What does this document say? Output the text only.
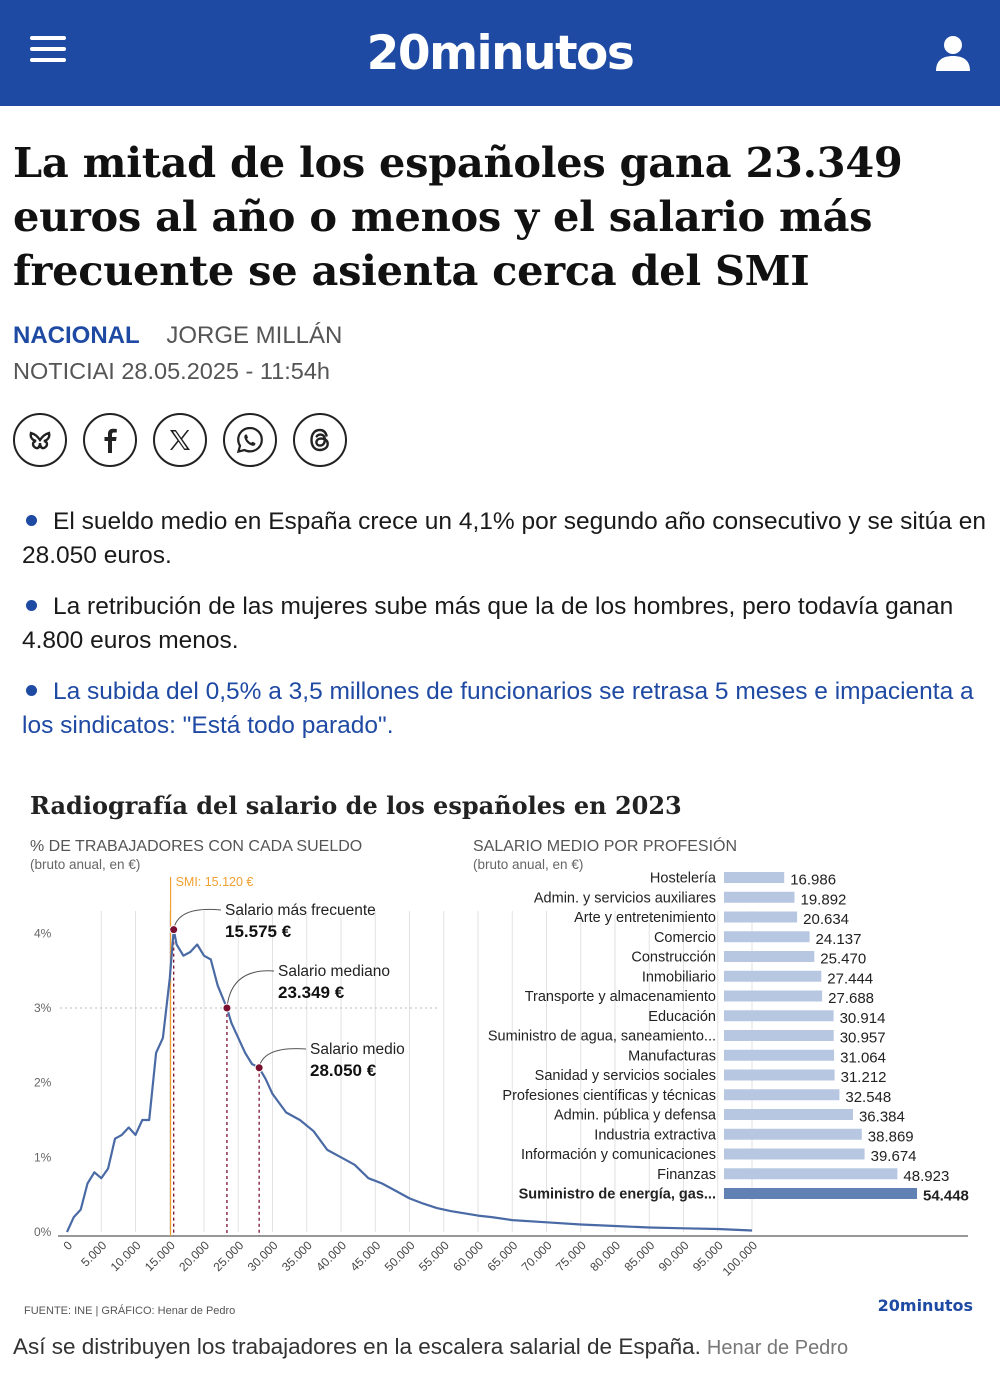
20minutos
La mitad de los españoles gana 23.349 euros al año o menos y el salario más frecuente se asienta cerca del SMI
NACIONAL JORGE MILLÁN
NOTICIAI 28.05.2025 - 11:54h
El sueldo medio en España crece un 4,1% por segundo año consecutivo y se sitúa en 28.050 euros.
La retribución de las mujeres sube más que la de los hombres, pero todavía ganan 4.800 euros menos.
La subida del 0,5% a 3,5 millones de funcionarios se retrasa 5 meses e impacienta a los sindicatos: "Está todo parado".
Radiografía del salario de los españoles en 2023
% DE TRABAJADORES CON CADA SUELDO
(bruto anual, en €)
SALARIO MEDIO POR PROFESIÓN
(bruto anual, en €)
0%
1%
2%
3%
4%
0 5.000
10.000
15.000
20.000
25.000
30.000
35.000
40.000
45.000
50.000
55.000
60.000
65.000
70.000
75.000
80.000
85.000
90.000
95.000
100.000
SMI: 15.120 €
Salario más frecuente
15.575 €
Salario mediano
23.349 €
Salario medio
28.050 €
Hostelería	16.986
Admin. y servicios auxiliares	19.892
Arte y entretenimiento	20.634
Comercio	24.137
Construcción	25.470
Inmobiliario	27.444
Transporte y almacenamiento	27.688
Educación	30.914
Suministro de agua, saneamiento...	30.957
Manufacturas	31.064
Sanidad y servicios sociales	31.212
Profesiones científicas y técnicas	32.548
Admin. pública y defensa	36.384
Industria extractiva	38.869
Información y comunicaciones	39.674
Finanzas	48.923
Suministro de energía, gas...	54.448
FUENTE: INE | GRÁFICO: Henar de Pedro	20minutos
Así se distribuyen los trabajadores en la escalera salarial de España. Henar de Pedro
